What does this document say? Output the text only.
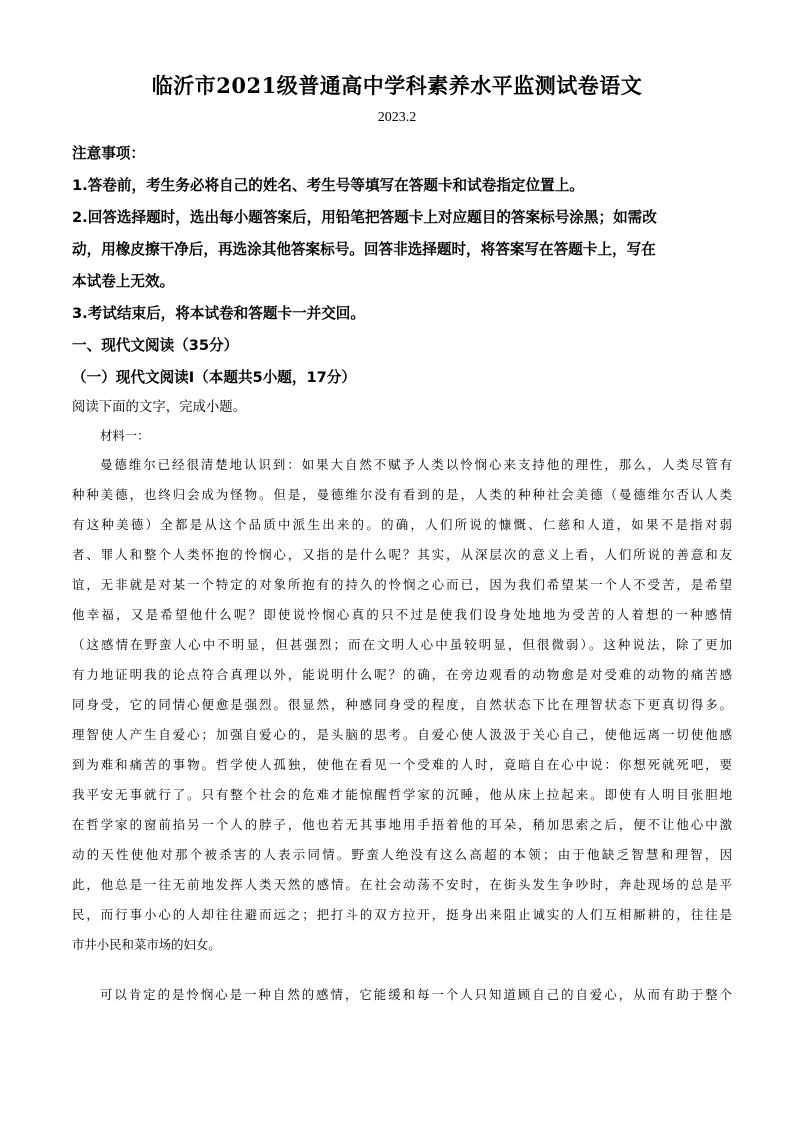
临沂市2021级普通高中学科素养水平监测试卷语文
2023.2
注意事项：
1.答卷前，考生务必将自己的姓名、考生号等填写在答题卡和试卷指定位置上。
2.回答选择题时，选出每小题答案后，用铅笔把答题卡上对应题目的答案标号涂黑；如需改
动，用橡皮擦干净后，再选涂其他答案标号。回答非选择题时，将答案写在答题卡上，写在
本试卷上无效。
3.考试结束后，将本试卷和答题卡一并交回。
一、现代文阅读（35分）
（一）现代文阅读Ⅰ（本题共5小题，17分）
阅读下面的文字，完成小题。
材料一：
曼德维尔已经很清楚地认识到：如果大自然不赋予人类以怜悯心来支持他的理性，那么，人类尽管有
种种美德，也终归会成为怪物。但是，曼德维尔没有看到的是，人类的种种社会美德（曼德维尔否认人类
有这种美德）全都是从这个品质中派生出来的。的确，人们所说的慷慨、仁慈和人道，如果不是指对弱
者、罪人和整个人类怀抱的怜悯心，又指的是什么呢？其实，从深层次的意义上看，人们所说的善意和友
谊，无非就是对某一个特定的对象所抱有的持久的怜悯之心而已，因为我们希望某一个人不受苦，是希望
他幸福，又是希望他什么呢？即使说怜悯心真的只不过是使我们设身处地地为受苦的人着想的一种感情
（这感情在野蛮人心中不明显，但甚强烈；而在文明人心中虽较明显，但很微弱）。这种说法，除了更加
有力地证明我的论点符合真理以外，能说明什么呢？的确，在旁边观看的动物愈是对受难的动物的痛苦感
同身受，它的同情心便愈是强烈。很显然，种感同身受的程度，自然状态下比在理智状态下更真切得多。
理智使人产生自爱心；加强自爱心的，是头脑的思考。自爱心使人汲汲于关心自己，使他远离一切使他感
到为难和痛苦的事物。哲学使人孤独，使他在看见一个受难的人时，竟暗自在心中说：你想死就死吧，要
我平安无事就行了。只有整个社会的危难才能惊醒哲学家的沉睡，他从床上拉起来。即使有人明目张胆地
在哲学家的窗前掐另一个人的脖子，他也若无其事地用手捂着他的耳朵，稍加思索之后，便不让他心中激
动的天性使他对那个被杀害的人表示同情。野蛮人绝没有这么高超的本领；由于他缺乏智慧和理智，因
此，他总是一往无前地发挥人类天然的感情。在社会动荡不安时，在街头发生争吵时，奔赴现场的总是平
民，而行事小心的人却往往避而远之；把打斗的双方拉开，挺身出来阻止诚实的人们互相厮耕的，往往是
市井小民和菜市场的妇女。
可以肯定的是怜悯心是一种自然的感情，它能缓和每一个人只知道顾自己的自爱心，从而有助于整个
